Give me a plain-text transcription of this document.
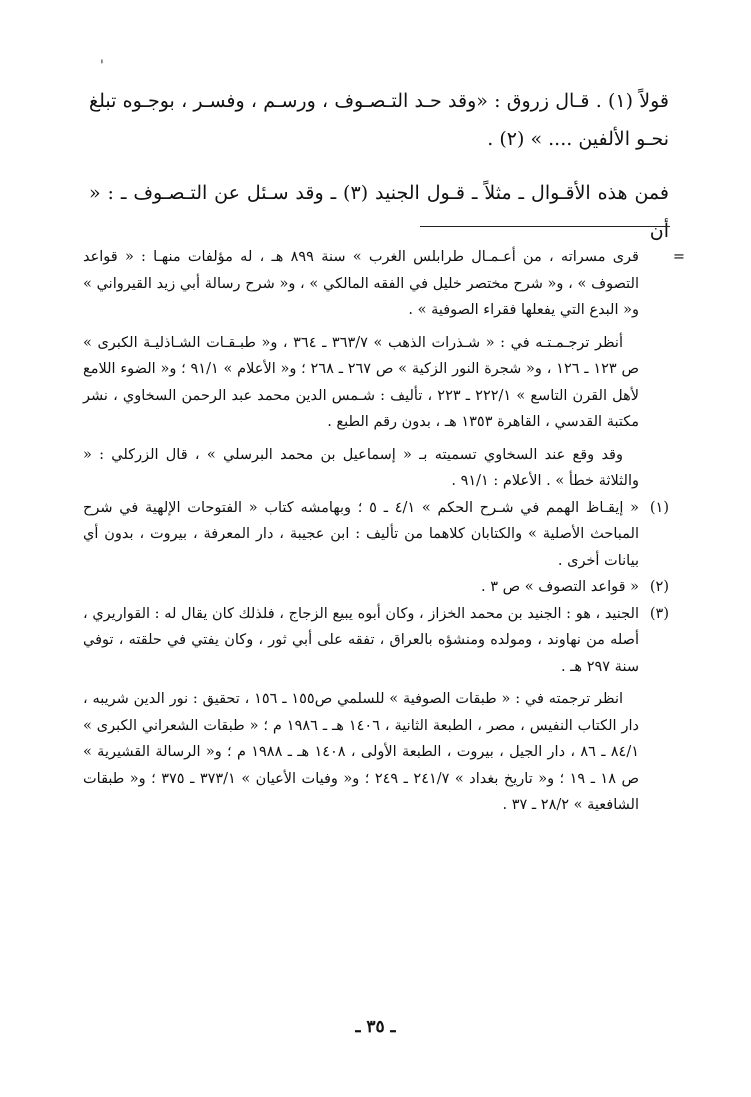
'

قولاً (١) . قـال زروق : «وقد حـد التـصـوف ، ورسـم ، وفسـر ، بوجـوه تبلغ نحـو الألفين .... » (٢) .

فمن هذه الأقـوال ـ مثلاً ـ قـول الجنيد (٣) ـ وقد سـئل عن التـصـوف ـ : « أن

=

قرى مسراته ، من أعـمـال طرابلس الغرب » سنة ٨٩٩ هـ ، له مؤلفات منهـا : « قواعد التصوف » ، و« شرح مختصر خليل في الفقه المالكي » ، و« شرح رسالة أبي زيد القيرواني » و« البدع التي يفعلها فقراء الصوفية » .

أنظر ترجـمـتـه في : « شـذرات الذهب » ٣٦٣/٧ ـ ٣٦٤ ، و« طبـقـات الشـاذليـة الكبرى » ص ١٢٣ ـ ١٢٦ ، و« شجرة النور الزكية » ص ٢٦٧ ـ ٢٦٨ ؛ و« الأعلام » ٩١/١ ؛ و« الضوء اللامع لأهل القرن التاسع » ٢٢٢/١ ـ ٢٢٣ ، تأليف : شـمس الدين محمد عبد الرحمن السخاوي ، نشر مكتبة القدسي ، القاهرة ١٣٥٣ هـ ، بدون رقم الطبع .

وقد وقع عند السخاوي تسميته بـ « إسماعيل بن محمد البرسلي » ، قال الزركلي : « والثلاثة خطأ » . الأعلام : ٩١/١ .

(١)

« إيقـاظ الهمم في شـرح الحكم » ٤/١ ـ ٥ ؛ وبهامشه كتاب « الفتوحات الإلهية في شرح المباحث الأصلية » والكتابان كلاهما من تأليف : ابن عجيبة ، دار المعرفة ، بيروت ، بدون أي بيانات أخرى .

(٢)

« قواعد التصوف » ص ٣ .

(٣)

الجنيد ، هو : الجنيد بن محمد الخزاز ، وكان أبوه يبيع الزجاج ، فلذلك كان يقال له : القواريري ، أصله من نهاوند ، ومولده ومنشؤه بالعراق ، تفقه على أبي ثور ، وكان يفتي في حلقته ، توفي سنة ٢٩٧ هـ .

انظر ترجمته في : « طبقات الصوفية » للسلمي ص١٥٥ ـ ١٥٦ ، تحقيق : نور الدين شريبه ، دار الكتاب النفيس ، مصر ، الطبعة الثانية ، ١٤٠٦ هـ ـ ١٩٨٦ م ؛ « طبقات الشعراني الكبرى » ٨٤/١ ـ ٨٦ ، دار الجيل ، بيروت ، الطبعة الأولى ، ١٤٠٨ هـ ـ ١٩٨٨ م ؛ و« الرسالة القشيرية » ص ١٨ ـ ١٩ ؛ و« تاريخ بغداد » ٢٤١/٧ ـ ٢٤٩ ؛ و« وفيات الأعيان » ٣٧٣/١ ـ ٣٧٥ ؛ و« طبقات الشافعية » ٢٨/٢ ـ ٣٧ .

ـ ٣٥ ـ
